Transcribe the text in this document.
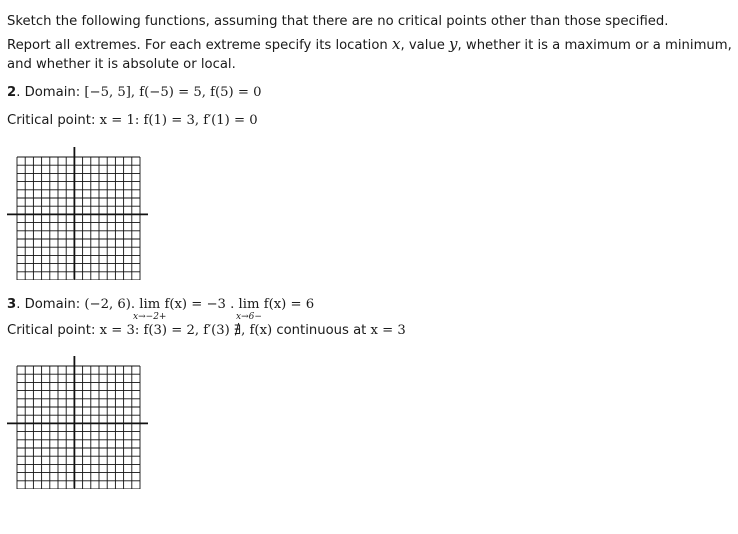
Sketch the following functions, assuming that there are no critical points other than those specified.
Report all extremes. For each extreme specify its location x, value y, whether it is a maximum or a minimum,
and whether it is absolute or local.
2. Domain: [−5, 5], f(−5) = 5, f(5) = 0
Critical point: x = 1: f(1) = 3, f′(1) = 0
3. Domain: (−2, 6). lim
x→−2+
f(x) = −3 . lim
x→6−
f(x) = 6
Critical point: x = 3: f(3) = 2, f′(3) ∄, f(x) continuous at x = 3
